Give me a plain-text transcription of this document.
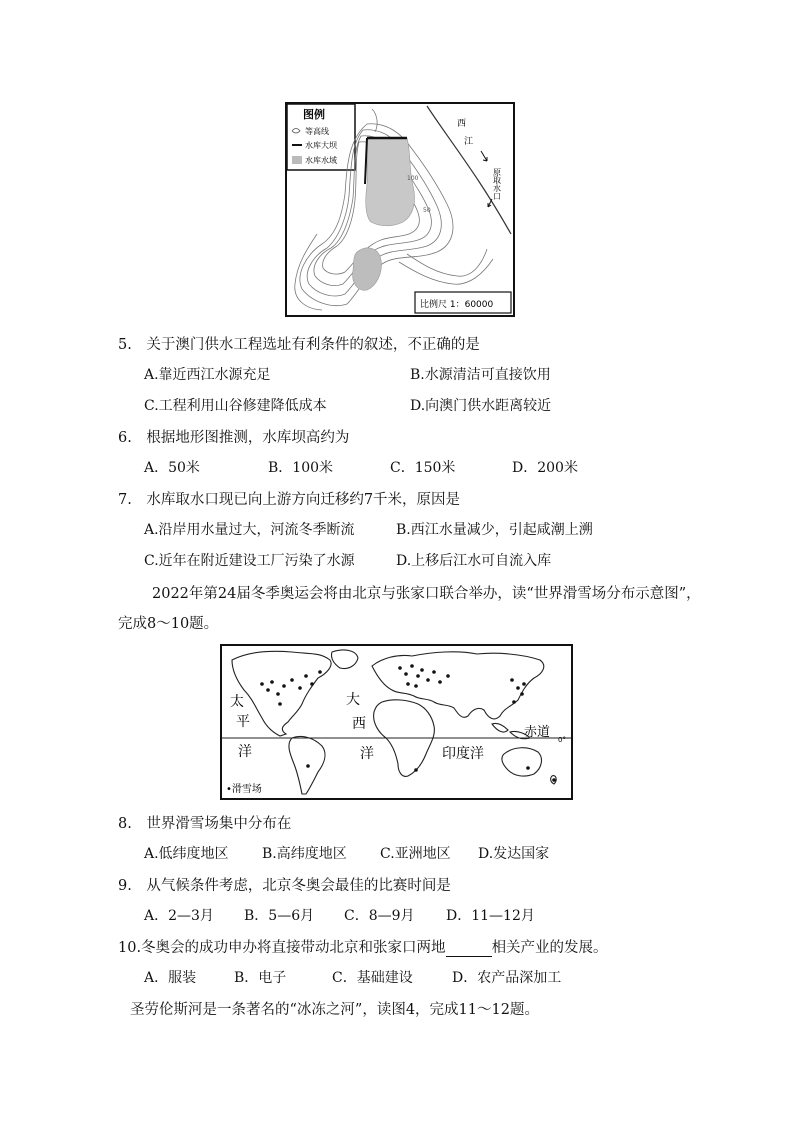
图例
等高线
水库大坝
水库水域
西
江
原取水口
100
50
比例尺 1：60000
5.　关于澳门供水工程选址有利条件的叙述，不正确的是
A.靠近西江水源充足	B.水源清洁可直接饮用
C.工程利用山谷修建降低成本	D.向澳门供水距离较近
6.　根据地形图推测，水库坝高约为
A．50米	B．100米	C．150米	D．200米
7.　水库取水口现已向上游方向迁移约7千米，原因是
A.沿岸用水量过大，河流冬季断流	B.西江水量减少，引起咸潮上溯
C.近年在附近建设工厂污染了水源	D.上移后江水可自流入库
2022年第24届冬季奥运会将由北京与张家口联合举办，读“世界滑雪场分布示意图”，
完成8～10题。
太
平
洋
大
西
洋	印度洋
赤道 0°
•滑雪场
8.　世界滑雪场集中分布在
A.低纬度地区 B.高纬度地区 C.亚洲地区 D.发达国家
9.　从气候条件考虑，北京冬奥会最佳的比赛时间是
A．2—3月 B．5—6月 C．8—9月 D．11—12月
10.冬奥会的成功申办将直接带动北京和张家口两地	相关产业的发展。
A．服装	B．电子	C．基础建设	D．农产品深加工
圣劳伦斯河是一条著名的“冰冻之河”，读图4，完成11～12题。
